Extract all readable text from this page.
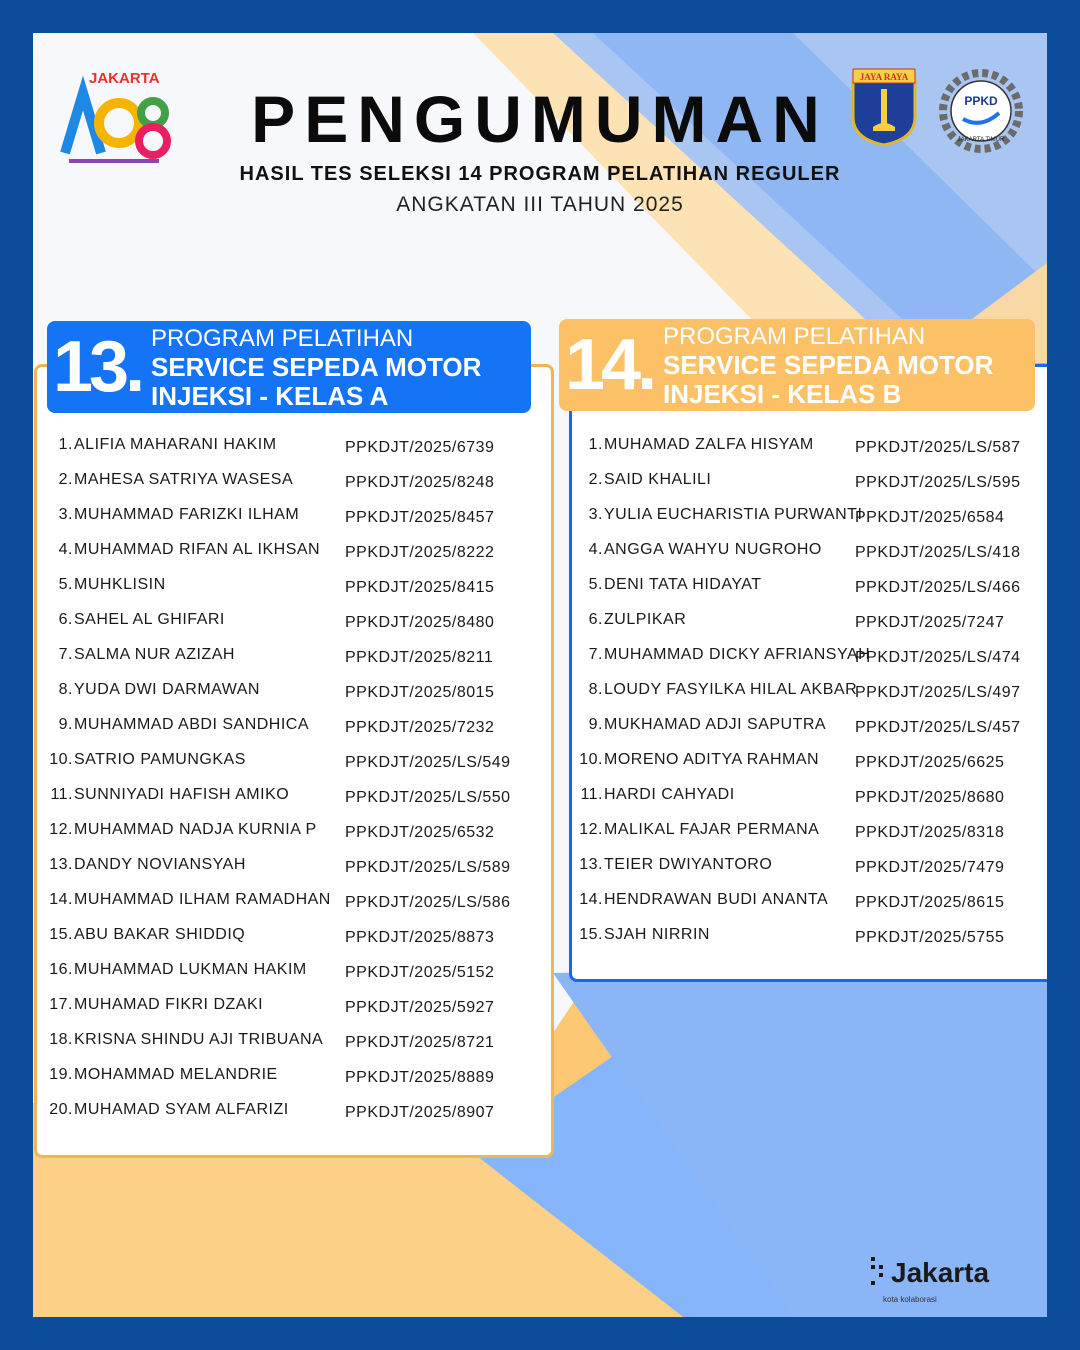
JAKARTA
PENGUMUMAN
HASIL TES SELEKSI 14 PROGRAM PELATIHAN REGULER
ANGKATAN III TAHUN 2025
JAYA RAYA
PPKD
JAKARTA TIMUR
13. PROGRAM PELATIHAN
SERVICE SEPEDA MOTOR
INJEKSI - KELAS A
1. ALIFIA MAHARANI HAKIM	PPKDJT/2025/6739
2. MAHESA SATRIYA WASESA	PPKDJT/2025/8248
3. MUHAMMAD FARIZKI ILHAM	PPKDJT/2025/8457
4. MUHAMMAD RIFAN AL IKHSAN PPKDJT/2025/8222
5. MUHKLISIN	PPKDJT/2025/8415
6. SAHEL AL GHIFARI	PPKDJT/2025/8480
7. SALMA NUR AZIZAH	PPKDJT/2025/8211
8. YUDA DWI DARMAWAN	PPKDJT/2025/8015
9. MUHAMMAD ABDI SANDHICA PPKDJT/2025/7232
10. SATRIO PAMUNGKAS	PPKDJT/2025/LS/549
11. SUNNIYADI HAFISH AMIKO	PPKDJT/2025/LS/550
12. MUHAMMAD NADJA KURNIA P PPKDJT/2025/6532
13. DANDY NOVIANSYAH	PPKDJT/2025/LS/589
14. MUHAMMAD ILHAM RAMADHAN PPKDJT/2025/LS/586
15. ABU BAKAR SHIDDIQ	PPKDJT/2025/8873
16. MUHAMMAD LUKMAN HAKIM PPKDJT/2025/5152
17. MUHAMAD FIKRI DZAKI	PPKDJT/2025/5927
18. KRISNA SHINDU AJI TRIBUANA PPKDJT/2025/8721
19. MOHAMMAD MELANDRIE	PPKDJT/2025/8889
20. MUHAMAD SYAM ALFARIZI	PPKDJT/2025/8907
14. PROGRAM PELATIHAN
SERVICE SEPEDA MOTOR
INJEKSI - KELAS B
1. MUHAMAD ZALFA HISYAM	PPKDJT/2025/LS/587
2. SAID KHALILI	PPKDJT/2025/LS/595
3. YULIA EUCHARISTIA PURWANTI
PPKDJT/2025/6584
4. ANGGA WAHYU NUGROHO PPKDJT/2025/LS/418
5. DENI TATA HIDAYAT	PPKDJT/2025/LS/466
6. ZULPIKAR	PPKDJT/2025/7247
7. MUHAMMAD DICKY AFRIANSYAH
PPKDJT/2025/LS/474
8. LOUDY FASYILKA HILAL AKBAR
PPKDJT/2025/LS/497
9. MUKHAMAD ADJI SAPUTRA PPKDJT/2025/LS/457
10. MORENO ADITYA RAHMAN PPKDJT/2025/6625
11. HARDI CAHYADI	PPKDJT/2025/8680
12. MALIKAL FAJAR PERMANA PPKDJT/2025/8318
13. TEIER DWIYANTORO	PPKDJT/2025/7479
14. HENDRAWAN BUDI ANANTA PPKDJT/2025/8615
15. SJAH NIRRIN	PPKDJT/2025/5755
Jakarta
kota kolaborasi
